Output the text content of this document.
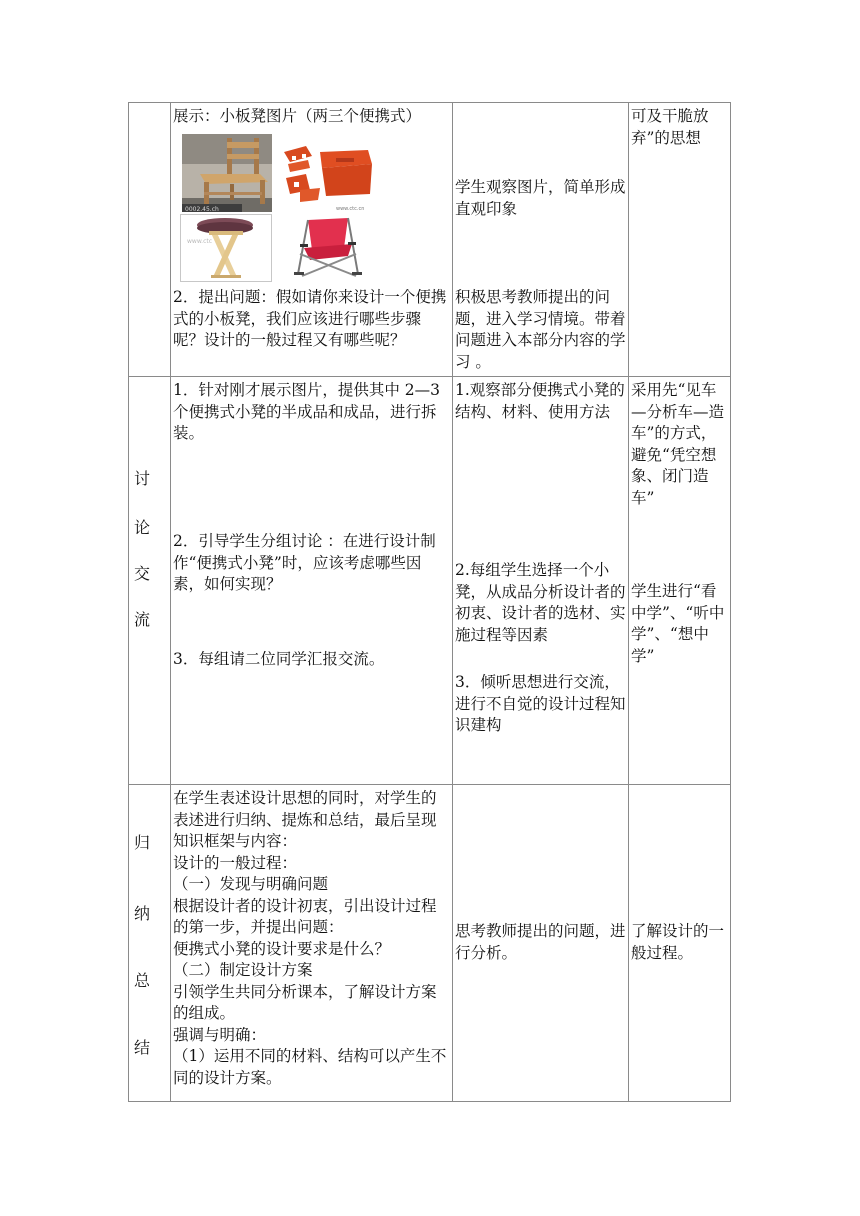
展示：小板凳图片（两三个便携式）
0002.45.ch	www.ctc.cn
www.ctc
2．提出问题：假如请你来设计一个便携式的小板凳，我们应该进行哪些步骤呢？设计的一般过程又有哪些呢？
学生观察图片，简单形成直观印象
积极思考教师提出的问题，进入学习情境。带着问题进入本部分内容的学习 。
可及干脆放弃”的思想
讨
论
交
流
1．针对刚才展示图片，提供其中 2—3 个便携式小凳的半成品和成品，进行拆装。
2．引导学生分组讨论 ：在进行设计制作“便携式小凳”时，应该考虑哪些因素，如何实现？
3．每组请二位同学汇报交流。
1.观察部分便携式小凳的结构、材料、使用方法
2.每组学生选择一个小凳，从成品分析设计者的初衷、设计者的选材、实施过程等因素
3．倾听思想进行交流，进行不自觉的设计过程知识建构
采用先“见车—分析车—造车”的方式，避免“凭空想象、闭门造车”
学生进行“看中学”、“听中学”、“想中学”
归
纳
总
结
在学生表述设计思想的同时，对学生的表述进行归纳、提炼和总结，最后呈现知识框架与内容：
设计的一般过程：
（一）发现与明确问题
根据设计者的设计初衷，引出设计过程的第一步，并提出问题：
便携式小凳的设计要求是什么？
（二）制定设计方案
引领学生共同分析课本，了解设计方案的组成。
强调与明确：
（1）运用不同的材料、结构可以产生不同的设计方案。
思考教师提出的问题，进行分析。
了解设计的一般过程。
